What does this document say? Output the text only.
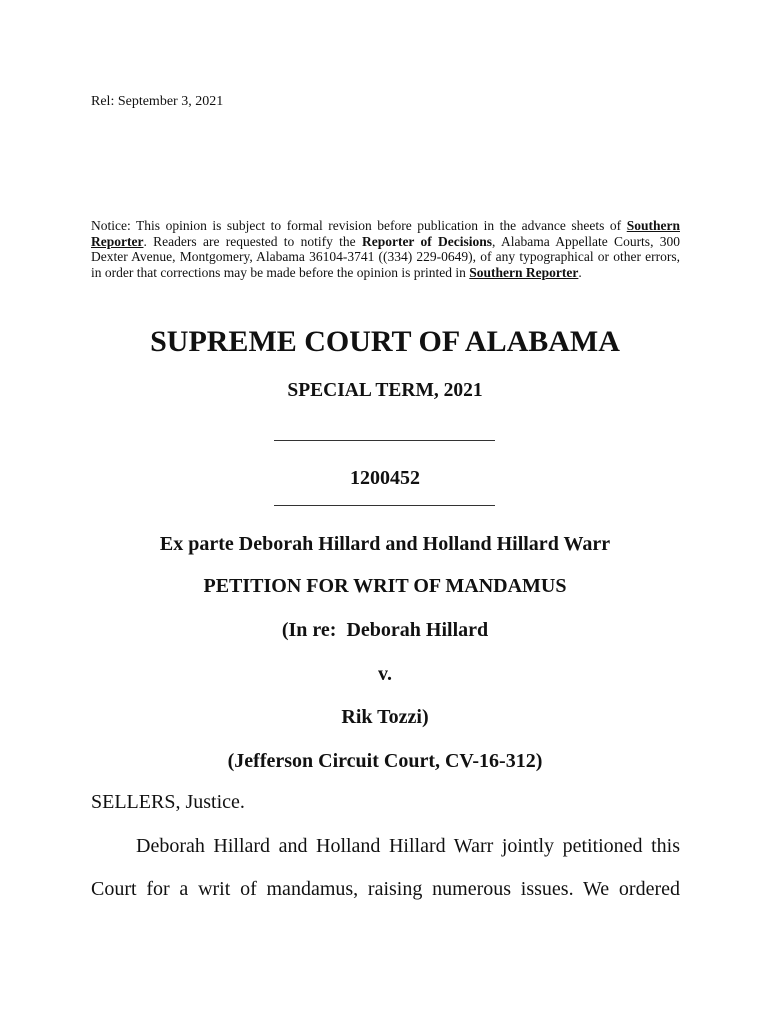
Rel: September 3, 2021
Notice: This opinion is subject to formal revision before publication in the advance sheets of Southern Reporter. Readers are requested to notify the Reporter of Decisions, Alabama Appellate Courts, 300 Dexter Avenue, Montgomery, Alabama 36104-3741 ((334) 229-0649), of any typographical or other errors, in order that corrections may be made before the opinion is printed in Southern Reporter.
SUPREME COURT OF ALABAMA
SPECIAL TERM, 2021
1200452
Ex parte Deborah Hillard and Holland Hillard Warr
PETITION FOR WRIT OF MANDAMUS
(In re:  Deborah Hillard
v.
Rik Tozzi)
(Jefferson Circuit Court, CV-16-312)
SELLERS, Justice.

Deborah Hillard and Holland Hillard Warr jointly petitioned this Court for a writ of mandamus, raising numerous issues. We ordered
